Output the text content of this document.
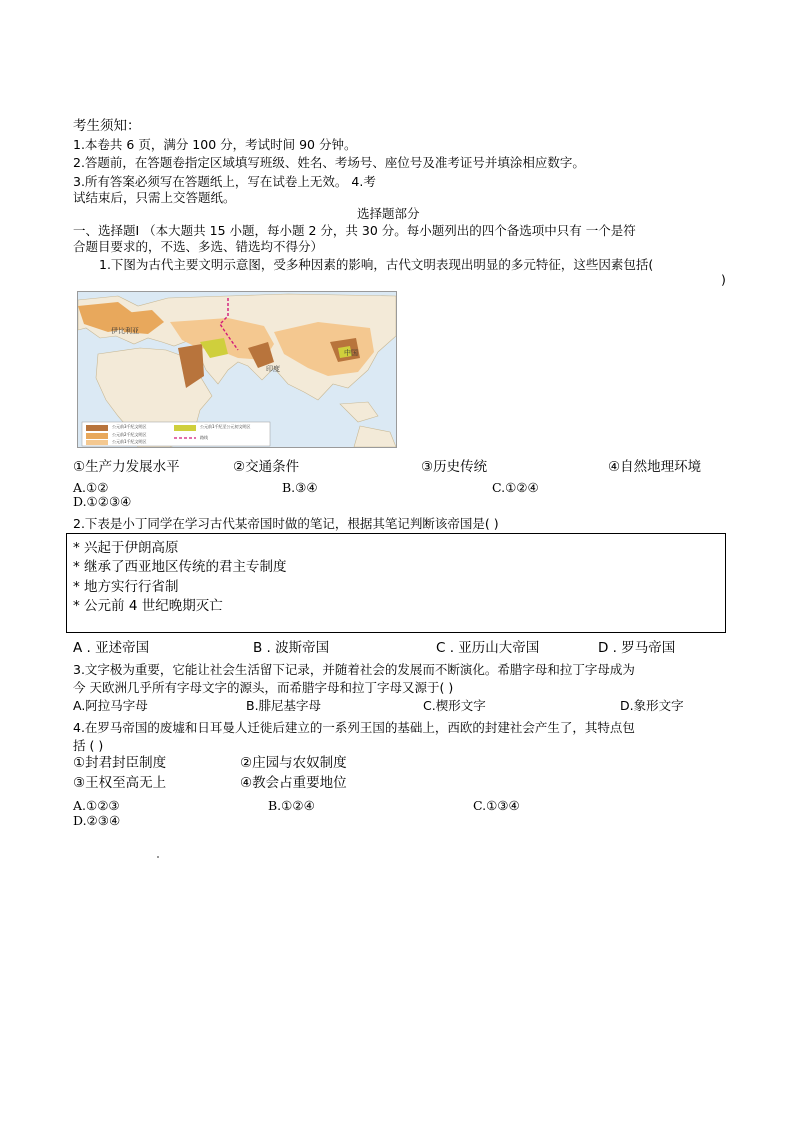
考生须知：
1.本卷共 6 页，满分 100 分，考试时间 90 分钟。
2.答题前，在答题卷指定区域填写班级、姓名、考场号、座位号及准考证号并填涂相应数字。
3.所有答案必须写在答题纸上，写在试卷上无效。 4.考
试结束后，只需上交答题纸。
选择题部分
一、选择题Ⅰ （本大题共 15 小题，每小题 2 分，共 30 分。每小题列出的四个备选项中只有 一个是符
合题目要求的，不选、多选、错选均不得分）
1.下图为古代主要文明示意图，受多种因素的影响，古代文明表现出明显的多元特征，这些因素包括(
)
伊比利亚
中国
印度
公元前3千纪文明区
公元前2千纪文明区
公元前1千纪文明区
公元前1千纪至公元初文明区
路线
①生产力发展水平	②交通条件	③历史传统	④自然地理环境
A.①②	B.③④	C.①②④
D.①②③④
2.下表是小丁同学在学习古代某帝国时做的笔记，根据其笔记判断该帝国是( )
* 兴起于伊朗高原
* 继承了西亚地区传统的君主专制度
* 地方实行行省制
* 公元前 4 世纪晚期灭亡
A . 亚述帝国	B . 波斯帝国	C . 亚历山大帝国	D . 罗马帝国
3.文字极为重要，它能让社会生活留下记录，并随着社会的发展而不断演化。希腊字母和拉丁字母成为
今 天欧洲几乎所有字母文字的源头，而希腊字母和拉丁字母又源于( )
A.阿拉马字母	B.腓尼基字母	C.楔形文字	D.象形文字
4.在罗马帝国的废墟和日耳曼人迁徙后建立的一系列王国的基础上，西欧的封建社会产生了，其特点包
括 ( )
①封君封臣制度	②庄园与农奴制度
③王权至高无上	④教会占重要地位
A.①②③	B.①②④	C.①③④
D.②③④
